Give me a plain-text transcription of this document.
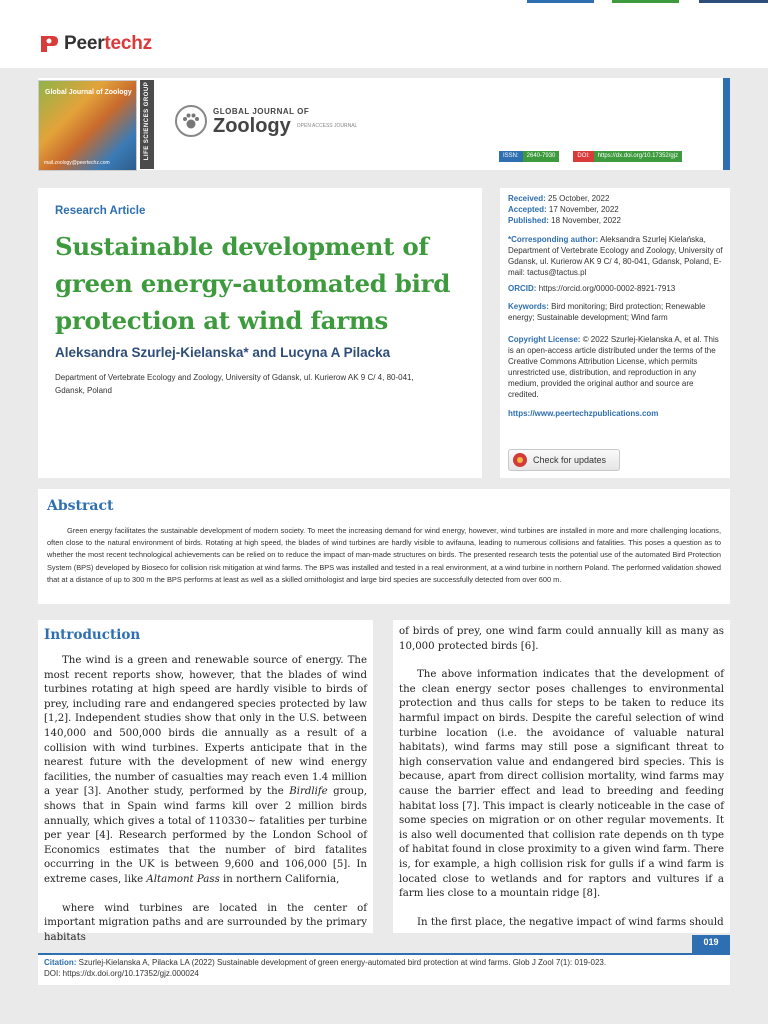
Peertechz
Global Journal of Zoology
mail.zoology@peertechz.com
LIFE SCIENCES GROUP	GLOBAL JOURNAL OF
Zoology OPEN ACCESS JOURNAL
ISSN:	2640-7930	DOI:	https://dx.doi.org/10.17352/gjz
Research Article
Sustainable development of
green energy-automated bird
protection at wind farms
Aleksandra Szurlej-Kielanska* and Lucyna A Pilacka
Department of Vertebrate Ecology and Zoology, University of Gdansk, ul. Kurierow AK 9 C/ 4, 80-041,
Gdansk, Poland
Received: 25 October, 2022
Accepted: 17 November, 2022
Published: 18 November, 2022
*Corresponding author: Aleksandra Szurlej Kielańska, Department of Vertebrate Ecology and Zoology, University of Gdansk, ul. Kurierow AK 9 C/ 4, 80-041, Gdansk, Poland, E-mail: tactus@tactus.pl
ORCID: https://orcid.org/0000-0002-8921-7913
Keywords: Bird monitoring; Bird protection; Renewable energy; Sustainable development; Wind farm
Copyright License: © 2022 Szurlej-Kielanska A, et al. This is an open-access article distributed under the terms of the Creative Commons Attribution License, which permits unrestricted use, distribution, and reproduction in any medium, provided the original author and source are credited.
https://www.peertechzpublications.com
Check for updates
Abstract
Green energy facilitates the sustainable development of modern society. To meet the increasing demand for wind energy, however, wind turbines are installed in more and more challenging locations, often close to the natural environment of birds. Rotating at high speed, the blades of wind turbines are hardly visible to avifauna, leading to numerous collisions and fatalities. This poses a question as to whether the most recent technological achievements can be relied on to reduce the impact of man-made structures on birds. The presented research tests the potential use of the automated Bird Protection System (BPS) developed by Bioseco for collision risk mitigation at wind farms. The BPS was installed and tested in a real environment, at a wind turbine in northern Poland. The performed validation showed that at a distance of up to 300 m the BPS performs at least as well as a skilled ornithologist and large bird species are successfully detected from over 600 m.
Introduction

The wind is a green and renewable source of energy. The most recent reports show, however, that the blades of wind turbines rotating at high speed are hardly visible to birds of prey, including rare and endangered species protected by law [1,2]. Independent studies show that only in the U.S. between 140,000 and 500,000 birds die annually as a result of a collision with wind turbines. Experts anticipate that in the nearest future with the development of new wind energy facilities, the number of casualties may reach even 1.4 million a year [3]. Another study, performed by the Birdlife group, shows that in Spain wind farms kill over 2 million birds annually, which gives a total of 110330~ fatalities per turbine per year [4]. Research performed by the London School of Economics estimates that the number of bird fatalites occurring in the UK is between 9,600 and 106,000 [5]. In extreme cases, like Altamont Pass in northern California,

where wind turbines are located in the center of important migration paths and are surrounded by the primary habitats

of birds of prey, one wind farm could annually kill as many as 10,000 protected birds [6].

The above information indicates that the development of the clean energy sector poses challenges to environmental protection and thus calls for steps to be taken to reduce its harmful impact on birds. Despite the careful selection of wind turbine location (i.e. the avoidance of valuable natural habitats), wind farms may still pose a significant threat to high conservation value and endangered bird species. This is because, apart from direct collision mortality, wind farms may cause the barrier effect and lead to breeding and feeding habitat loss [7]. This impact is clearly noticeable in the case of some species on migration or on other regular movements. It is also well documented that collision rate depends on th type of habitat found in close proximity to a given wind farm. There is, for example, a high collision risk for gulls if a wind farm is located close to wetlands and for raptors and vultures if a farm lies close to a mountain ridge [8].

In the first place, the negative impact of wind farms should

019
Citation: Szurlej-Kielanska A, Pilacka LA (2022) Sustainable development of green energy-automated bird protection at wind farms. Glob J Zool 7(1): 019-023.
DOI: https://dx.doi.org/10.17352/gjz.000024
